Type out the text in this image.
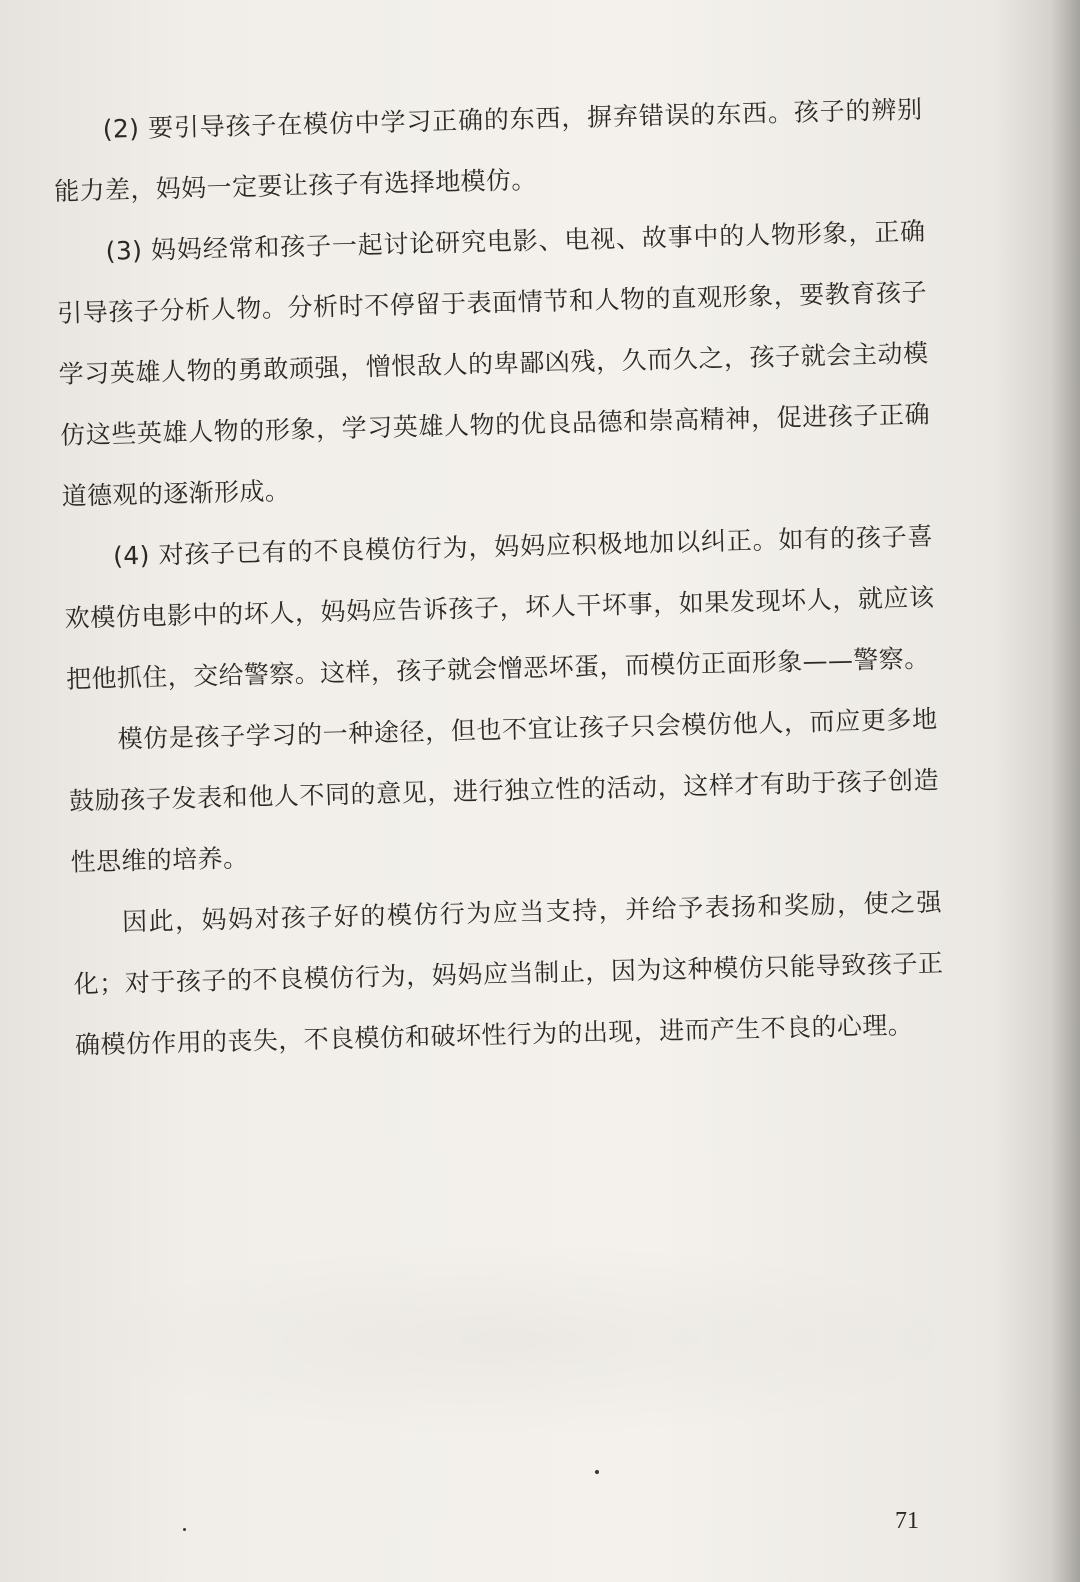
(2) 要引导孩子在模仿中学习正确的东西，摒弃错误的东西。孩子的辨别能力差，妈妈一定要让孩子有选择地模仿。

(3) 妈妈经常和孩子一起讨论研究电影、电视、故事中的人物形象，正确引导孩子分析人物。分析时不停留于表面情节和人物的直观形象，要教育孩子学习英雄人物的勇敢顽强，憎恨敌人的卑鄙凶残，久而久之，孩子就会主动模仿这些英雄人物的形象，学习英雄人物的优良品德和崇高精神，促进孩子正确道德观的逐渐形成。

(4) 对孩子已有的不良模仿行为，妈妈应积极地加以纠正。如有的孩子喜欢模仿电影中的坏人，妈妈应告诉孩子，坏人干坏事，如果发现坏人，就应该把他抓住，交给警察。这样，孩子就会憎恶坏蛋，而模仿正面形象——警察。

模仿是孩子学习的一种途径，但也不宜让孩子只会模仿他人，而应更多地鼓励孩子发表和他人不同的意见，进行独立性的活动，这样才有助于孩子创造性思维的培养。

因此，妈妈对孩子好的模仿行为应当支持，并给予表扬和奖励，使之强化；对于孩子的不良模仿行为，妈妈应当制止，因为这种模仿只能导致孩子正确模仿作用的丧失，不良模仿和破坏性行为的出现，进而产生不良的心理。

71
